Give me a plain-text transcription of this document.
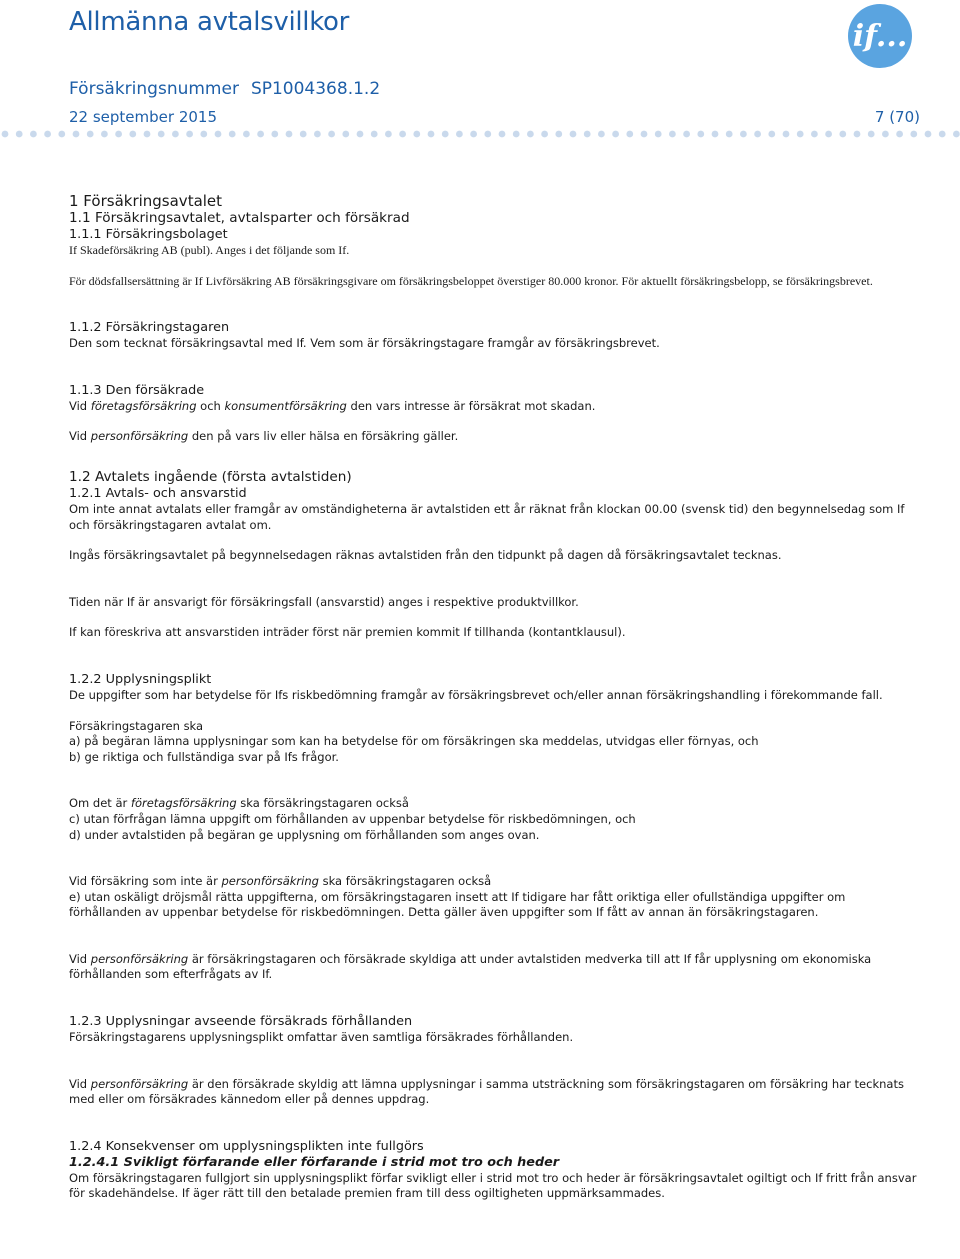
Allmänna avtalsvillkor	if...
Försäkringsnummer SP1004368.1.2
22 september 2015	7 (70)

1 Försäkringsavtalet

1.1 Försäkringsavtalet, avtalsparter och försäkrad

1.1.1 Försäkringsbolaget

If Skadeförsäkring AB (publ). Anges i det följande som If.

För dödsfallsersättning är If Livförsäkring AB försäkringsgivare om försäkringsbeloppet överstiger 80.000 kronor. För aktuellt försäkringsbelopp, se försäkringsbrevet.

1.1.2 Försäkringstagaren

Den som tecknat försäkringsavtal med If. Vem som är försäkringstagare framgår av försäkringsbrevet.

1.1.3 Den försäkrade

Vid företagsförsäkring och konsumentförsäkring den vars intresse är försäkrat mot skadan.

Vid personförsäkring den på vars liv eller hälsa en försäkring gäller.

1.2 Avtalets ingående (första avtalstiden)

1.2.1 Avtals- och ansvarstid

Om inte annat avtalats eller framgår av omständigheterna är avtalstiden ett år räknat från klockan 00.00 (svensk tid) den begynnelsedag som If och försäkringstagaren avtalat om.

Ingås försäkringsavtalet på begynnelsedagen räknas avtalstiden från den tidpunkt på dagen då försäkringsavtalet tecknas.

Tiden när If är ansvarigt för försäkringsfall (ansvarstid) anges i respektive produktvillkor.

If kan föreskriva att ansvarstiden inträder först när premien kommit If tillhanda (kontantklausul).

1.2.2 Upplysningsplikt

De uppgifter som har betydelse för Ifs riskbedömning framgår av försäkringsbrevet och/eller annan försäkringshandling i förekommande fall.

Försäkringstagaren ska

a) på begäran lämna upplysningar som kan ha betydelse för om försäkringen ska meddelas, utvidgas eller förnyas, och

b) ge riktiga och fullständiga svar på Ifs frågor.

Om det är företagsförsäkring ska försäkringstagaren också

c) utan förfrågan lämna uppgift om förhållanden av uppenbar betydelse för riskbedömningen, och

d) under avtalstiden på begäran ge upplysning om förhållanden som anges ovan.

Vid försäkring som inte är personförsäkring ska försäkringstagaren också

e) utan oskäligt dröjsmål rätta uppgifterna, om försäkringstagaren insett att If tidigare har fått oriktiga eller ofullständiga uppgifter om förhållanden av uppenbar betydelse för riskbedömningen. Detta gäller även uppgifter som If fått av annan än försäkringstagaren.

Vid personförsäkring är försäkringstagaren och försäkrade skyldiga att under avtalstiden medverka till att If får upplysning om ekonomiska förhållanden som efterfrågats av If.

1.2.3 Upplysningar avseende försäkrads förhållanden

Försäkringstagarens upplysningsplikt omfattar även samtliga försäkrades förhållanden.

Vid personförsäkring är den försäkrade skyldig att lämna upplysningar i samma utsträckning som försäkringstagaren om försäkring har tecknats med eller om försäkrades kännedom eller på dennes uppdrag.

1.2.4 Konsekvenser om upplysningsplikten inte fullgörs

1.2.4.1 Svikligt förfarande eller förfarande i strid mot tro och heder

Om försäkringstagaren fullgjort sin upplysningsplikt förfar svikligt eller i strid mot tro och heder är försäkringsavtalet ogiltigt och If fritt från ansvar för skadehändelse. If äger rätt till den betalade premien fram till dess ogiltigheten uppmärksammades.
